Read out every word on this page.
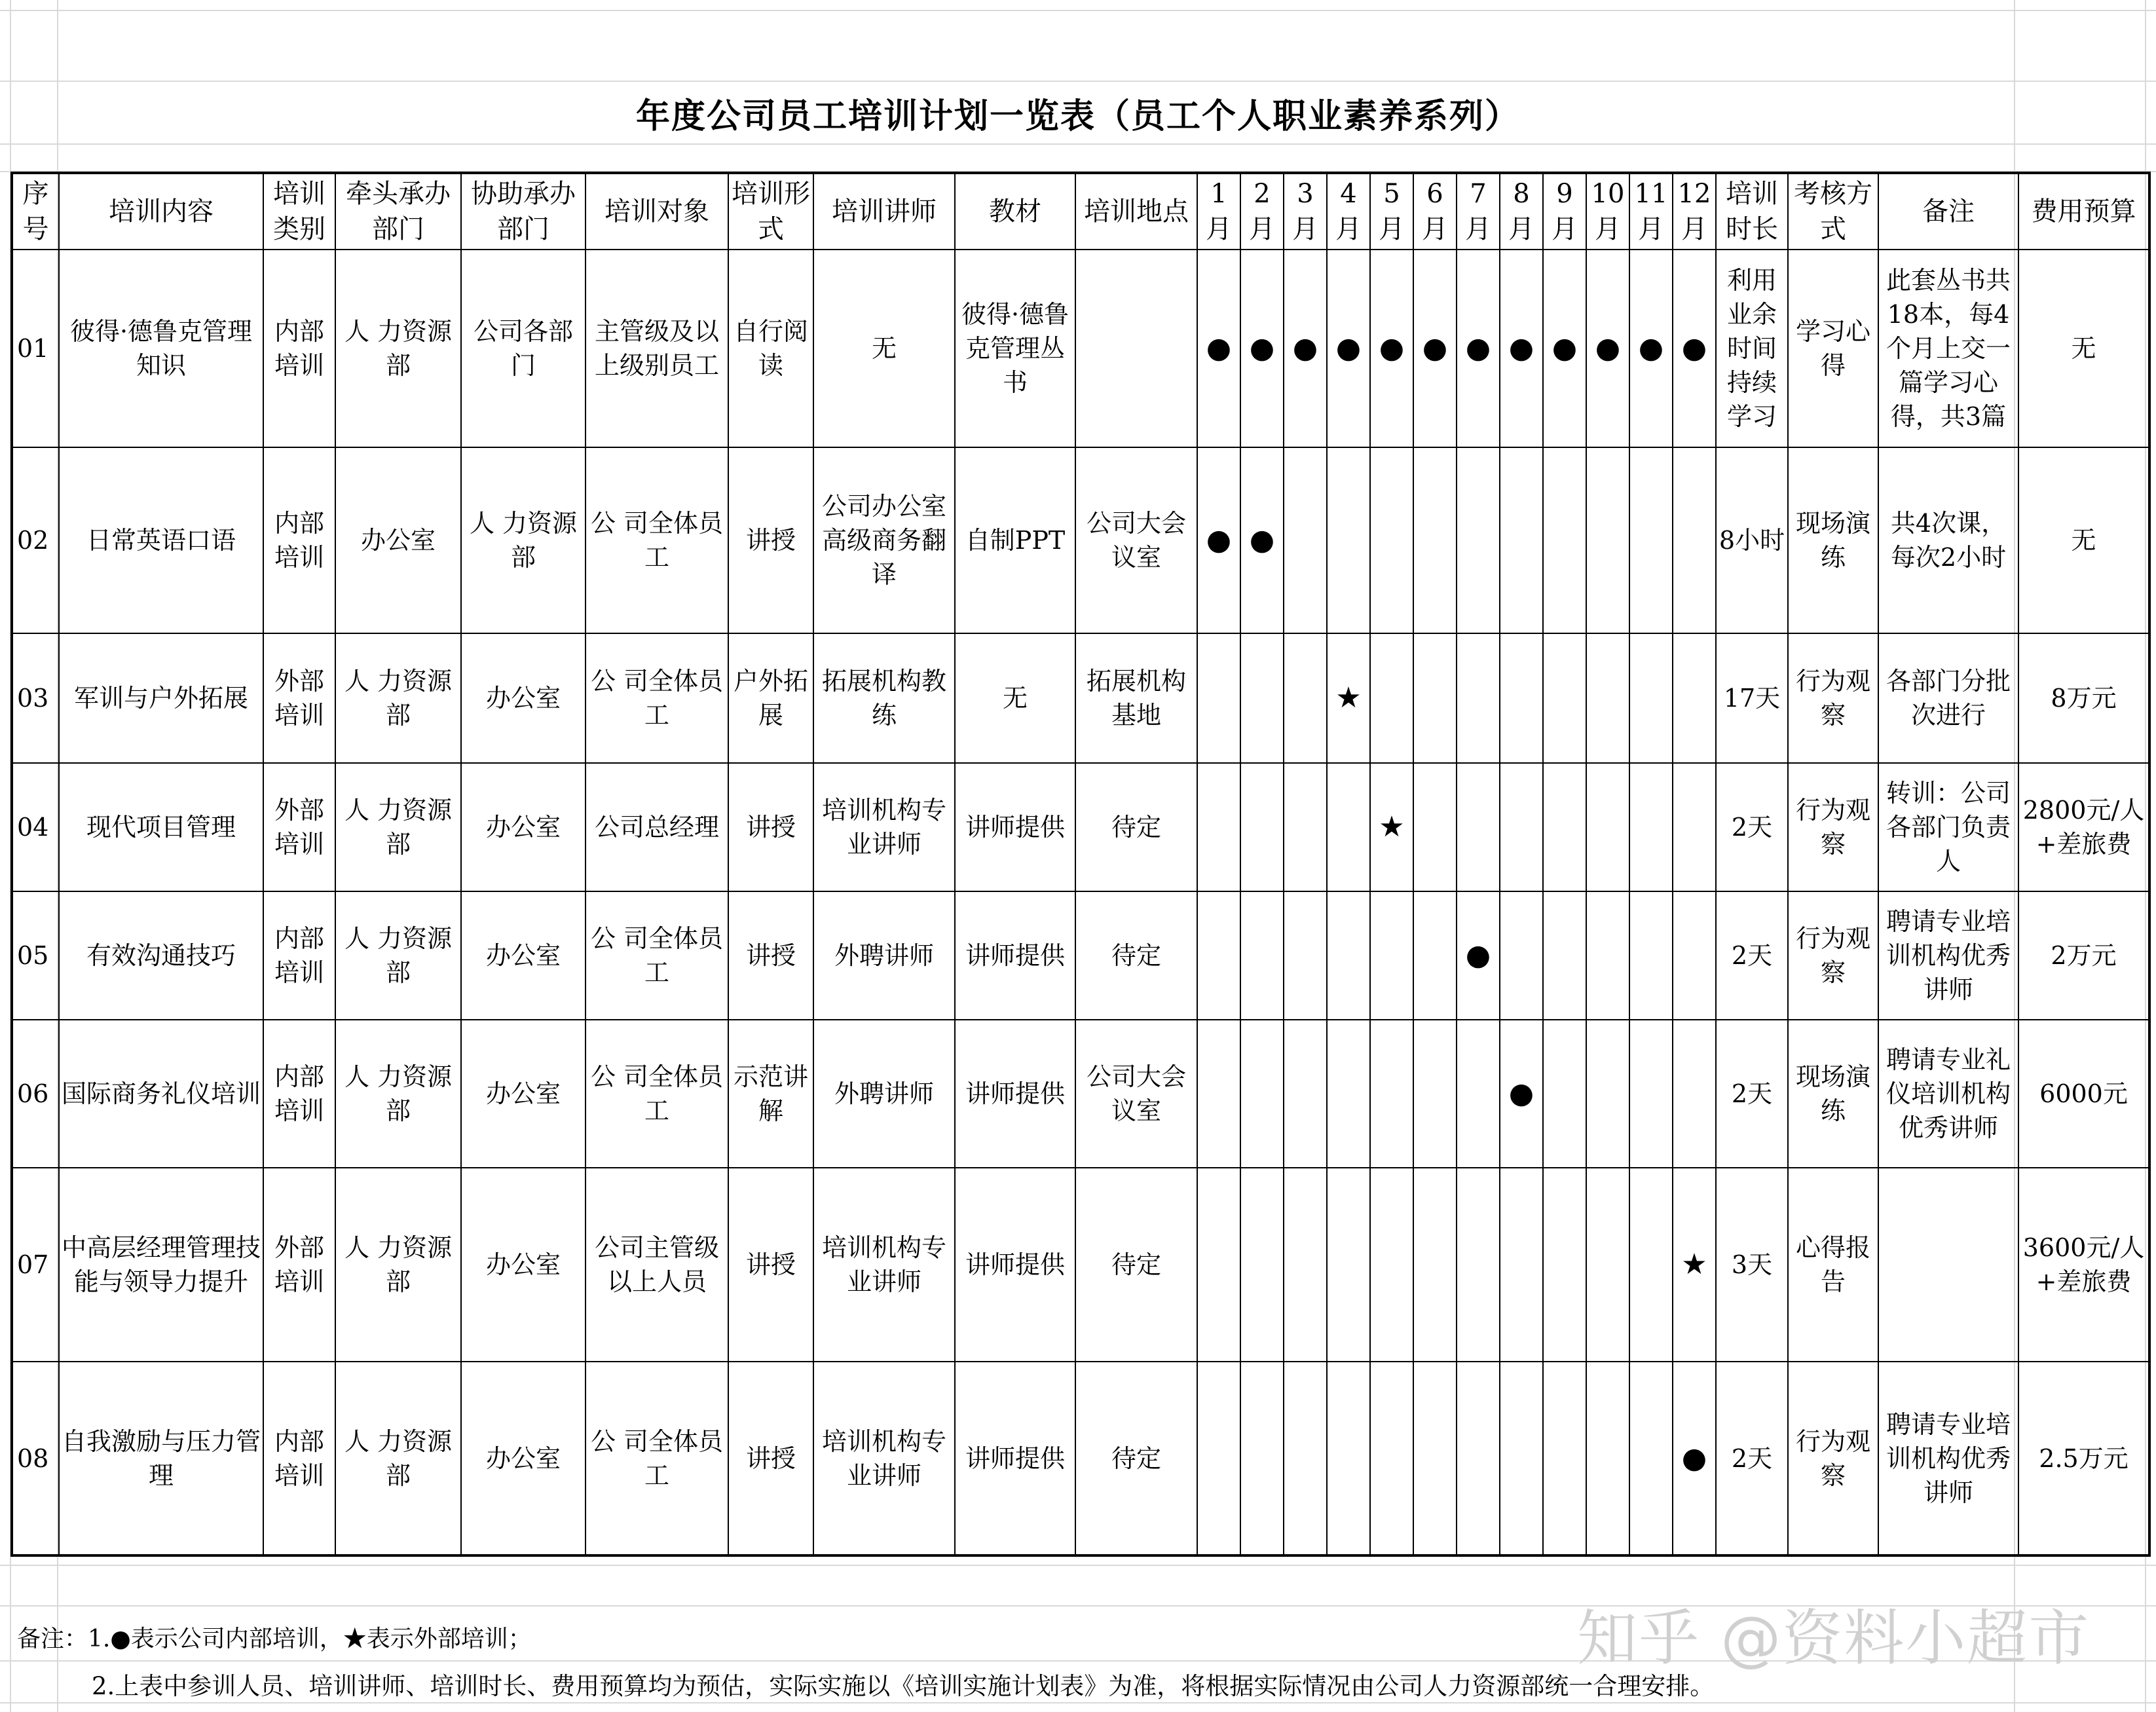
年度公司员工培训计划一览表（员工个人职业素养系列）
序号	培训内容	培训类别	牵头承办部门	协助承办部门	培训对象	培训形式	培训讲师	教材	培训地点	1月	2月	3月	4月	5月	6月	7月	8月	9月	10月	11月	12月	培训时长	考核方式	备注	费用预算
01	彼得·德鲁克管理知识	内部培训	人 力资源部	公司各部门	主管级及以上级别员工	自行阅读	无	彼得·德鲁克管理丛书		●	●	●	●	●	●	●	●	●	●	●	●	利用业余时间持续学习	学习心得	此套丛书共18本，每4个月上交一篇学习心得，共3篇	无
02	日常英语口语	内部培训	办公室	人 力资源部	公 司全体员工	讲授	公司办公室高级商务翻译	自制PPT	公司大会议室	●	●											8小时	现场演练	共4次课，每次2小时	无
03	军训与户外拓展	外部培训	人 力资源部	办公室	公 司全体员工	户外拓展	拓展机构教练	无	拓展机构基地				★									17天	行为观察	各部门分批次进行	8万元
04	现代项目管理	外部培训	人 力资源部	办公室	公司总经理	讲授	培训机构专业讲师	讲师提供	待定					★								2天	行为观察	转训：公司各部门负责人	2800元/人+差旅费
05	有效沟通技巧	内部培训	人 力资源部	办公室	公 司全体员工	讲授	外聘讲师	讲师提供	待定							●						2天	行为观察	聘请专业培训机构优秀讲师	2万元
06	国际商务礼仪培训	内部培训	人 力资源部	办公室	公 司全体员工	示范讲解	外聘讲师	讲师提供	公司大会议室								●					2天	现场演练	聘请专业礼仪培训机构优秀讲师	6000元
07	中高层经理管理技能与领导力提升	外部培训	人 力资源部	办公室	公司主管级以上人员	讲授	培训机构专业讲师	讲师提供	待定												★	3天	心得报告		3600元/人+差旅费
08	自我激励与压力管理	内部培训	人 力资源部	办公室	公 司全体员工	讲授	培训机构专业讲师	讲师提供	待定												●	2天	行为观察	聘请专业培训机构优秀讲师	2.5万元
备注：1.●表示公司内部培训，★表示外部培训；
2.上表中参训人员、培训讲师、培训时长、费用预算均为预估，实际实施以《培训实施计划表》为准，将根据实际情况由公司人力资源部统一合理安排。
知乎 @资料小超市
